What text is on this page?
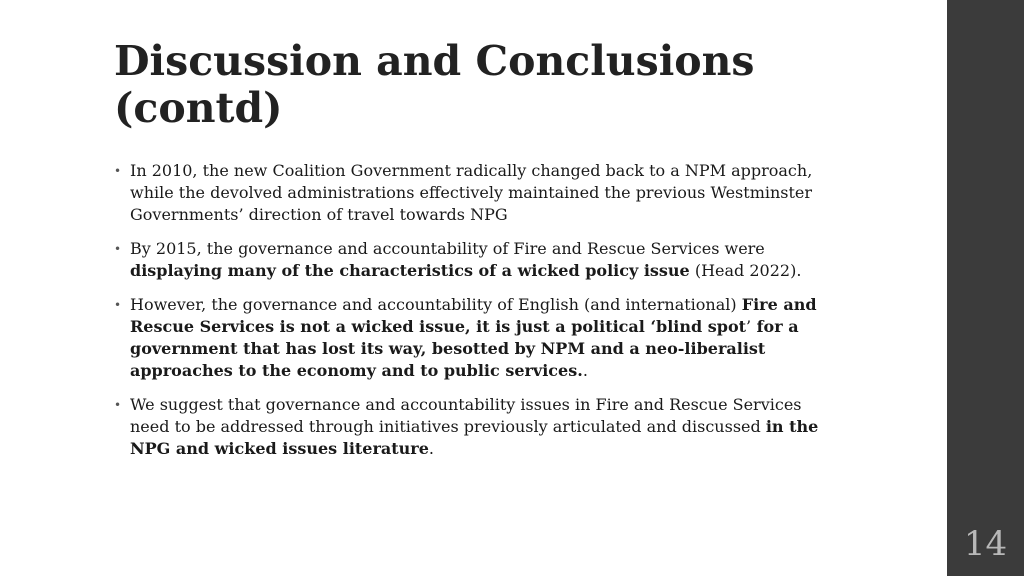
Discussion and Conclusions
(contd)
• In 2010, the new Coalition Government radically changed back to a NPM approach, while the devolved administrations effectively maintained the previous Westminster Governments’ direction of travel towards NPG
• By 2015, the governance and accountability of Fire and Rescue Services were displaying many of the characteristics of a wicked policy issue (Head 2022).
• However, the governance and accountability of English (and international) Fire and Rescue Services is not a wicked issue, it is just a political ‘blind spot’ for a government that has lost its way, besotted by NPM and a neo-liberalist approaches to the economy and to public services..
• We suggest that governance and accountability issues in Fire and Rescue Services need to be addressed through initiatives previously articulated and discussed in the NPG and wicked issues literature.
14
